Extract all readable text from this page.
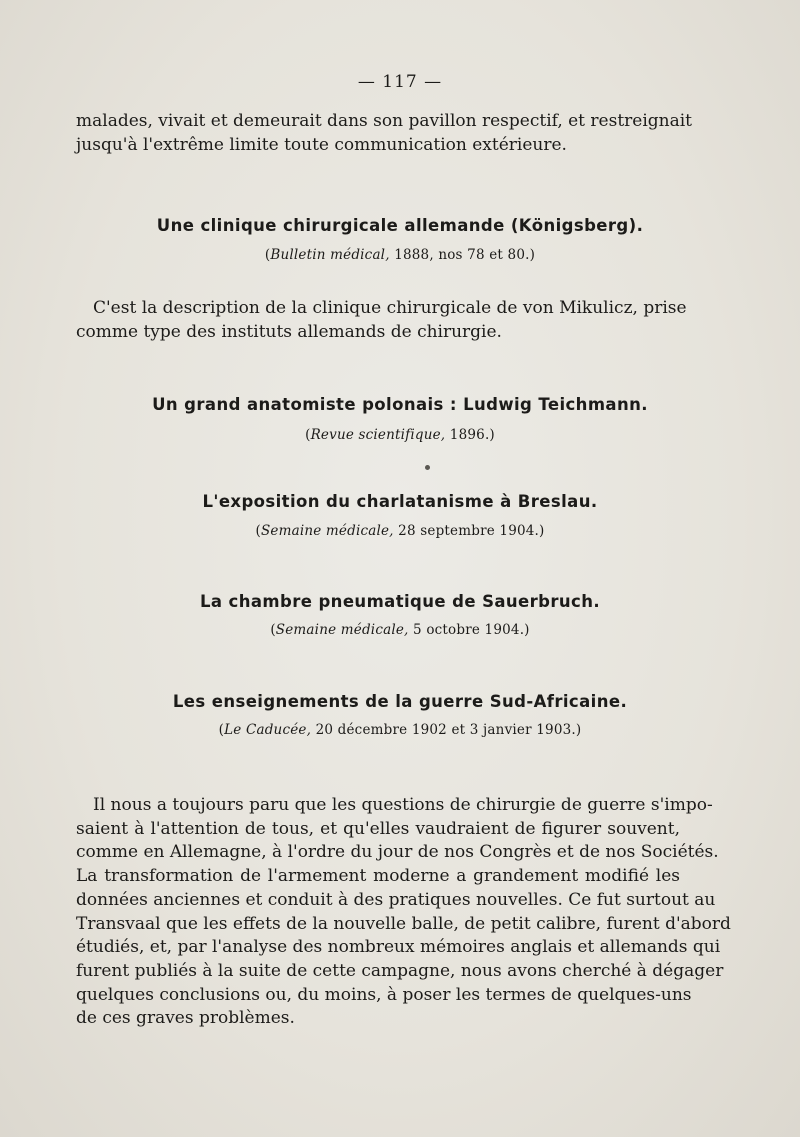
— 117 —
malades, vivait et demeurait dans son pavillon respectif, et restreignait
jusqu'à l'extrême limite toute communication extérieure.
Une clinique chirurgicale allemande (Königsberg).
(Bulletin médical, 1888, nos 78 et 80.)
C'est la description de la clinique chirurgicale de von Mikulicz, prise
comme type des instituts allemands de chirurgie.
Un grand anatomiste polonais : Ludwig Teichmann.
(Revue scientifique, 1896.)
L'exposition du charlatanisme à Breslau.
(Semaine médicale, 28 septembre 1904.)
La chambre pneumatique de Sauerbruch.
(Semaine médicale, 5 octobre 1904.)
Les enseignements de la guerre Sud-Africaine.
(Le Caducée, 20 décembre 1902 et 3 janvier 1903.)
Il nous a toujours paru que les questions de chirurgie de guerre s'impo-
saient à l'attention de tous, et qu'elles vaudraient de figurer souvent,
comme en Allemagne, à l'ordre du jour de nos Congrès et de nos Sociétés.
La transformation de l'armement moderne a grandement modifié les
données anciennes et conduit à des pratiques nouvelles. Ce fut surtout au
Transvaal que les effets de la nouvelle balle, de petit calibre, furent d'abord
étudiés, et, par l'analyse des nombreux mémoires anglais et allemands qui
furent publiés à la suite de cette campagne, nous avons cherché à dégager
quelques conclusions ou, du moins, à poser les termes de quelques-uns
de ces graves problèmes.
